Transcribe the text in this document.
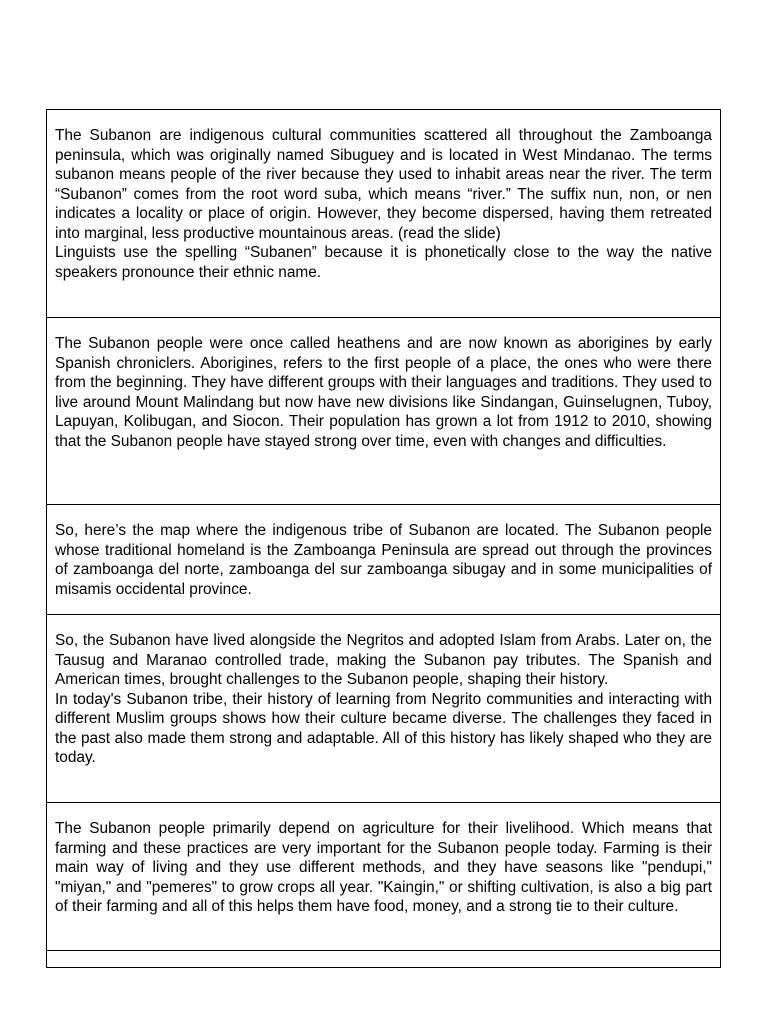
The Subanon are indigenous cultural communities scattered all throughout the Zamboanga peninsula, which was originally named Sibuguey and is located in West Mindanao. The terms subanon means people of the river because they used to inhabit areas near the river. The term “Subanon” comes from the root word suba, which means “river.” The suffix nun, non, or nen indicates a locality or place of origin. However, they become dispersed, having them retreated into marginal, less productive mountainous areas. (read the slide)

Linguists use the spelling “Subanen” because it is phonetically close to the way the native speakers pronounce their ethnic name.

The Subanon people were once called heathens and are now known as aborigines by early Spanish chroniclers. Aborigines, refers to the first people of a place, the ones who were there from the beginning. They have different groups with their languages and traditions. They used to live around Mount Malindang but now have new divisions like Sindangan, Guinselugnen, Tuboy, Lapuyan, Kolibugan, and Siocon. Their population has grown a lot from 1912 to 2010, showing that the Subanon people have stayed strong over time, even with changes and difficulties.

So, here’s the map where the indigenous tribe of Subanon are located. The Subanon people whose traditional homeland is the Zamboanga Peninsula are spread out through the provinces of zamboanga del norte, zamboanga del sur zamboanga sibugay and in some municipalities of misamis occidental province.

So, the Subanon have lived alongside the Negritos and adopted Islam from Arabs. Later on, the Tausug and Maranao controlled trade, making the Subanon pay tributes. The Spanish and American times, brought challenges to the Subanon people, shaping their history.

In today's Subanon tribe, their history of learning from Negrito communities and interacting with different Muslim groups shows how their culture became diverse. The challenges they faced in the past also made them strong and adaptable. All of this history has likely shaped who they are today.

The Subanon people primarily depend on agriculture for their livelihood. Which means that farming and these practices are very important for the Subanon people today. Farming is their main way of living and they use different methods, and they have seasons like "pendupi," "miyan," and "pemeres" to grow crops all year. "Kaingin," or shifting cultivation, is also a big part of their farming and all of this helps them have food, money, and a strong tie to their culture.
